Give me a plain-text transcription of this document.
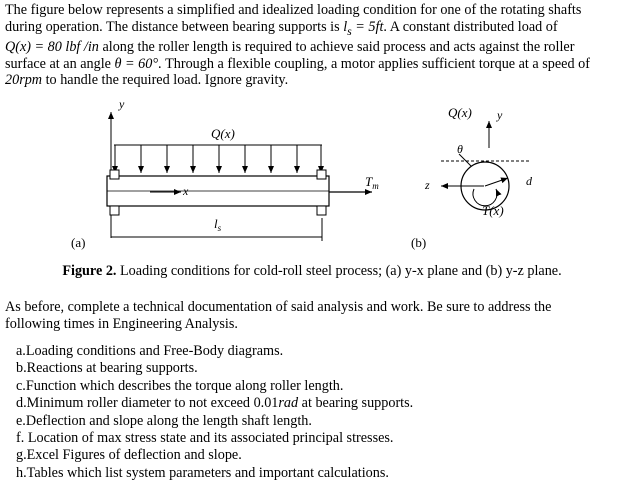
The figure below represents a simplified and idealized loading condition for one of the rotating shafts
during operation. The distance between bearing supports is $l_s = 5ft$. A constant distributed load of
Q(x) = 80 lbf /in along the roller length is required to achieve said process and acts against the roller
surface at an angle θ = 60°. Through a flexible coupling, a motor applies sufficient torque at a speed of
20rpm to handle the required load. Ignore gravity.

y
Q(x)
x
$T_m$
$l_s$
(a)
Q(x) y
θ
z	d
T(x)
(b)
Figure 2. Loading conditions for cold-roll steel process; (a) y-x plane and (b) y-z plane.

As before, complete a technical documentation of said analysis and work. Be sure to address the
following times in Engineering Analysis.

a.Loading conditions and Free-Body diagrams.
b.Reactions at bearing supports.
c.Function which describes the torque along roller length.
d.Minimum roller diameter to not exceed 0.01rad at bearing supports.
e.Deflection and slope along the length shaft length.
f. Location of max stress state and its associated principal stresses.
g.Excel Figures of deflection and slope.
h.Tables which list system parameters and important calculations.
